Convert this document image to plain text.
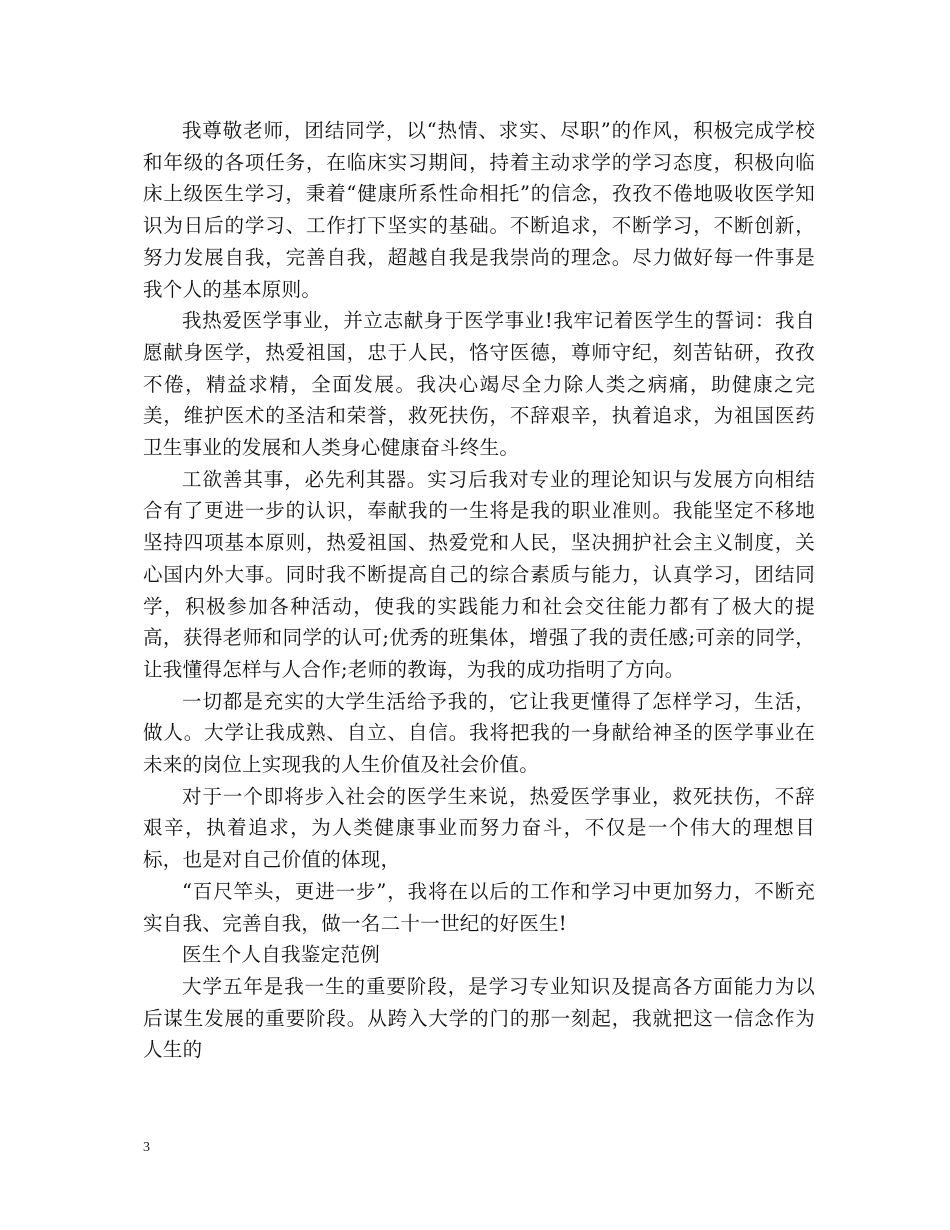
我尊敬老师，团结同学，以“热情、求实、尽职”的作风，积极完成学校和年级的各项任务，在临床实习期间，持着主动求学的学习态度，积极向临床上级医生学习，秉着“健康所系性命相托”的信念，孜孜不倦地吸收医学知识为日后的学习、工作打下坚实的基础。不断追求，不断学习，不断创新，努力发展自我，完善自我，超越自我是我崇尚的理念。尽力做好每一件事是我个人的基本原则。

我热爱医学事业，并立志献身于医学事业!我牢记着医学生的誓词：我自愿献身医学，热爱祖国，忠于人民，恪守医德，尊师守纪，刻苦钻研，孜孜不倦，精益求精，全面发展。我决心竭尽全力除人类之病痛，助健康之完美，维护医术的圣洁和荣誉，救死扶伤，不辞艰辛，执着追求，为祖国医药卫生事业的发展和人类身心健康奋斗终生。

工欲善其事，必先利其器。实习后我对专业的理论知识与发展方向相结合有了更进一步的认识，奉献我的一生将是我的职业准则。我能坚定不移地坚持四项基本原则，热爱祖国、热爱党和人民，坚决拥护社会主义制度，关心国内外大事。同时我不断提高自己的综合素质与能力，认真学习，团结同学，积极参加各种活动，使我的实践能力和社会交往能力都有了极大的提高，获得老师和同学的认可;优秀的班集体，增强了我的责任感;可亲的同学，让我懂得怎样与人合作;老师的教诲，为我的成功指明了方向。

一切都是充实的大学生活给予我的，它让我更懂得了怎样学习，生活，做人。大学让我成熟、自立、自信。我将把我的一身献给神圣的医学事业在未来的岗位上实现我的人生价值及社会价值。

对于一个即将步入社会的医学生来说，热爱医学事业，救死扶伤，不辞艰辛，执着追求，为人类健康事业而努力奋斗，不仅是一个伟大的理想目标，也是对自己价值的体现，

“百尺竿头，更进一步”，我将在以后的工作和学习中更加努力，不断充实自我、完善自我，做一名二十一世纪的好医生!

医生个人自我鉴定范例

大学五年是我一生的重要阶段，是学习专业知识及提高各方面能力为以后谋生发展的重要阶段。从跨入大学的门的那一刻起，我就把这一信念作为人生的

3
